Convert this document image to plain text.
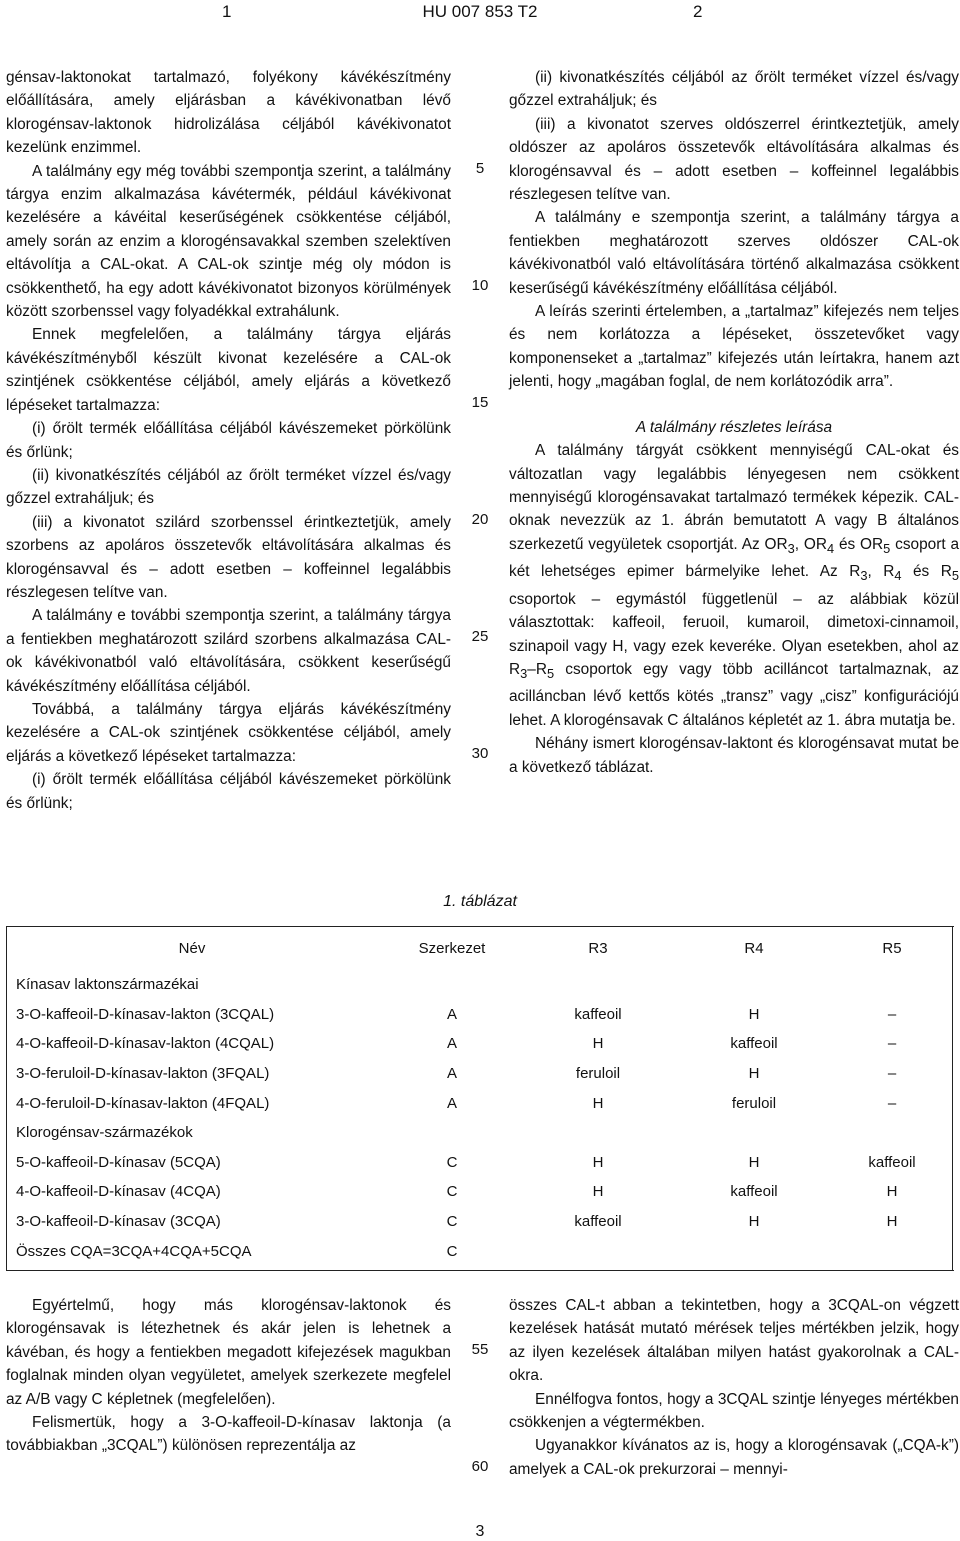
1	HU 007 853 T2	2

génsav-laktonokat tartalmazó, folyékony kávékészítmény előállítására, amely eljárásban a kávékivonatban lévő klorogénsav-laktonok hidrolizálása céljából kávékivonatot kezelünk enzimmel.

A találmány egy még további szempontja szerint, a találmány tárgya enzim alkalmazása kávétermék, például kávékivonat kezelésére a kávéital keserűségének csökkentése céljából, amely során az enzim a klorogénsavakkal szemben szelektíven eltávolítja a CAL-okat. A CAL-ok szintje még oly módon is csökkenthető, ha egy adott kávékivonatot bizonyos körülmények között szorbenssel vagy folyadékkal extrahálunk.

Ennek megfelelően, a találmány tárgya eljárás kávékészítményből készült kivonat kezelésére a CAL-ok szintjének csökkentése céljából, amely eljárás a következő lépéseket tartalmazza:

(i) őrölt termék előállítása céljából kávészemeket pörkölünk és őrlünk;

(ii) kivonatkészítés céljából az őrölt terméket vízzel és/vagy gőzzel extraháljuk; és

(iii) a kivonatot szilárd szorbenssel érintkeztetjük, amely szorbens az apoláros összetevők eltávolítására alkalmas és klorogénsavval és – adott esetben – koffeinnel legalábbis részlegesen telítve van.

A találmány e további szempontja szerint, a találmány tárgya a fentiekben meghatározott szilárd szorbens alkalmazása CAL-ok kávékivonatból való eltávolítására, csökkent keserűségű kávékészítmény előállítása céljából.

Továbbá, a találmány tárgya eljárás kávékészítmény kezelésére a CAL-ok szintjének csökkentése céljából, amely eljárás a következő lépéseket tartalmazza:

(i) őrölt termék előállítása céljából kávészemeket pörkölünk és őrlünk;

5
10
15
20
25
30

(ii) kivonatkészítés céljából az őrölt terméket vízzel és/vagy gőzzel extraháljuk; és

(iii) a kivonatot szerves oldószerrel érintkeztetjük, amely oldószer az apoláros összetevők eltávolítására alkalmas és klorogénsavval és – adott esetben – koffeinnel legalábbis részlegesen telítve van.

A találmány e szempontja szerint, a találmány tárgya a fentiekben meghatározott szerves oldószer CAL-ok kávékivonatból való eltávolítására történő alkalmazása csökkent keserűségű kávékészítmény előállítása céljából.

A leírás szerinti értelemben, a „tartalmaz” kifejezés nem teljes és nem korlátozza a lépéseket, összetevőket vagy komponenseket a „tartalmaz” kifejezés után leírtakra, hanem azt jelenti, hogy „magában foglal, de nem korlátozódik arra”.

A találmány részletes leírása

A találmány tárgyát csökkent mennyiségű CAL-okat és változatlan vagy legalábbis lényegesen nem csökkent mennyiségű klorogénsavakat tartalmazó termékek képezik. CAL-oknak nevezzük az 1. ábrán bemutatott A vagy B általános szerkezetű vegyületek csoportját. Az $OR_3$, $OR_4$ és $OR_5$ csoport a két lehetséges epimer bármelyike lehet. Az $R_3$, $R_4$ és $R_5$ csoportok – egymástól függetlenül – az alábbiak közül választottak: kaffeoil, feruoil, kumaroil, dimetoxi-cinnamoil, szinapoil vagy H, vagy ezek keveréke. Olyan esetekben, ahol az $R_3-R_5$ csoportok egy vagy több acilláncot tartalmaznak, az acilláncban lévő kettős kötés „transz” vagy „cisz” konfigurációjú lehet. A klorogénsavak C általános képletét az 1. ábra mutatja be.

Néhány ismert klorogénsav-laktont és klorogénsavat mutat be a következő táblázat.

1. táblázat
Név	Szerkezet	R3	R4	R5
Kínasav laktonszármazékai				
3-O-kaffeoil-D-kínasav-lakton (3CQAL)	A	kaffeoil	H	–
4-O-kaffeoil-D-kínasav-lakton (4CQAL)	A	H	kaffeoil	–
3-O-feruloil-D-kínasav-lakton (3FQAL)	A	feruloil	H	–
4-O-feruloil-D-kínasav-lakton (4FQAL)	A	H	feruloil	–
Klorogénsav-származékok				
5-O-kaffeoil-D-kínasav (5CQA)	C	H	H	kaffeoil
4-O-kaffeoil-D-kínasav (4CQA)	C	H	kaffeoil	H
3-O-kaffeoil-D-kínasav (3CQA)	C	kaffeoil	H	H
Összes CQA=3CQA+4CQA+5CQA	C			

Egyértelmű, hogy más klorogénsav-laktonok és klorogénsavak is létezhetnek és akár jelen is lehetnek a kávéban, és hogy a fentiekben megadott kifejezések magukban foglalnak minden olyan vegyületet, amelyek szerkezete megfelel az A/B vagy C képletnek (megfelelően).

Felismertük, hogy a 3-O-kaffeoil-D-kínasav laktonja (a továbbiakban „3CQAL”) különösen reprezentálja az

55
60

összes CAL-t abban a tekintetben, hogy a 3CQAL-on végzett kezelések hatását mutató mérések teljes mértékben jelzik, hogy az ilyen kezelések általában milyen hatást gyakorolnak a CAL-okra.

Ennélfogva fontos, hogy a 3CQAL szintje lényeges mértékben csökkenjen a végtermékben.

Ugyanakkor kívánatos az is, hogy a klorogénsavak („CQA-k”) amelyek a CAL-ok prekurzorai – mennyi-

3
